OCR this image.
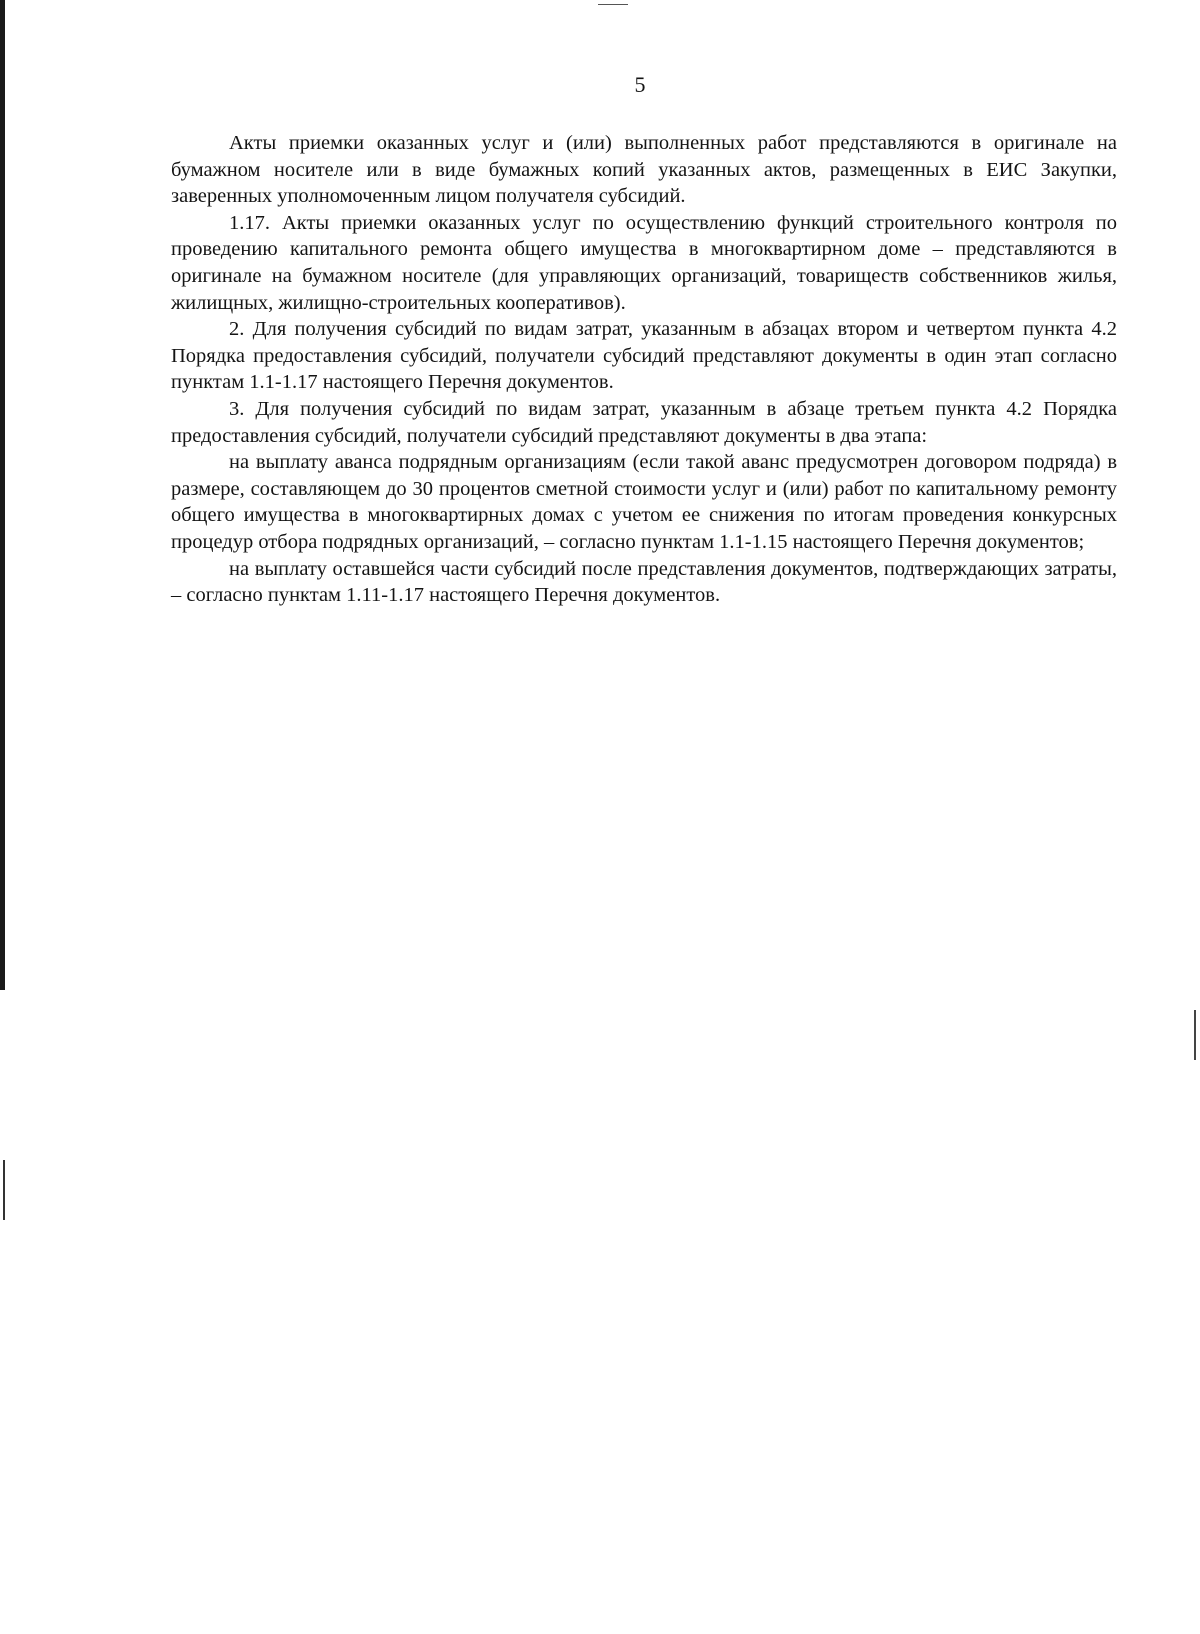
5

Акты приемки оказанных услуг и (или) выполненных работ представляются в оригинале на бумажном носителе или в виде бумажных копий указанных актов, размещенных в ЕИС Закупки, заверенных уполномоченным лицом получателя субсидий.

1.17. Акты приемки оказанных услуг по осуществлению функций строительного контроля по проведению капитального ремонта общего имущества в многоквартирном доме – представляются в оригинале на бумажном носителе (для управляющих организаций, товариществ собственников жилья, жилищных, жилищно-строительных кооперативов).

2. Для получения субсидий по видам затрат, указанным в абзацах втором и четвертом пункта 4.2 Порядка предоставления субсидий, получатели субсидий представляют документы в один этап согласно пунктам 1.1-1.17 настоящего Перечня документов.

3. Для получения субсидий по видам затрат, указанным в абзаце третьем пункта 4.2 Порядка предоставления субсидий, получатели субсидий представляют документы в два этапа:

на выплату аванса подрядным организациям (если такой аванс предусмотрен договором подряда) в размере, составляющем до 30 процентов сметной стоимости услуг и (или) работ по капитальному ремонту общего имущества в многоквартирных домах с учетом ее снижения по итогам проведения конкурсных процедур отбора подрядных организаций, – согласно пунктам 1.1-1.15 настоящего Перечня документов;

на выплату оставшейся части субсидий после представления документов, подтверждающих затраты, – согласно пунктам 1.11-1.17 настоящего Перечня документов.
